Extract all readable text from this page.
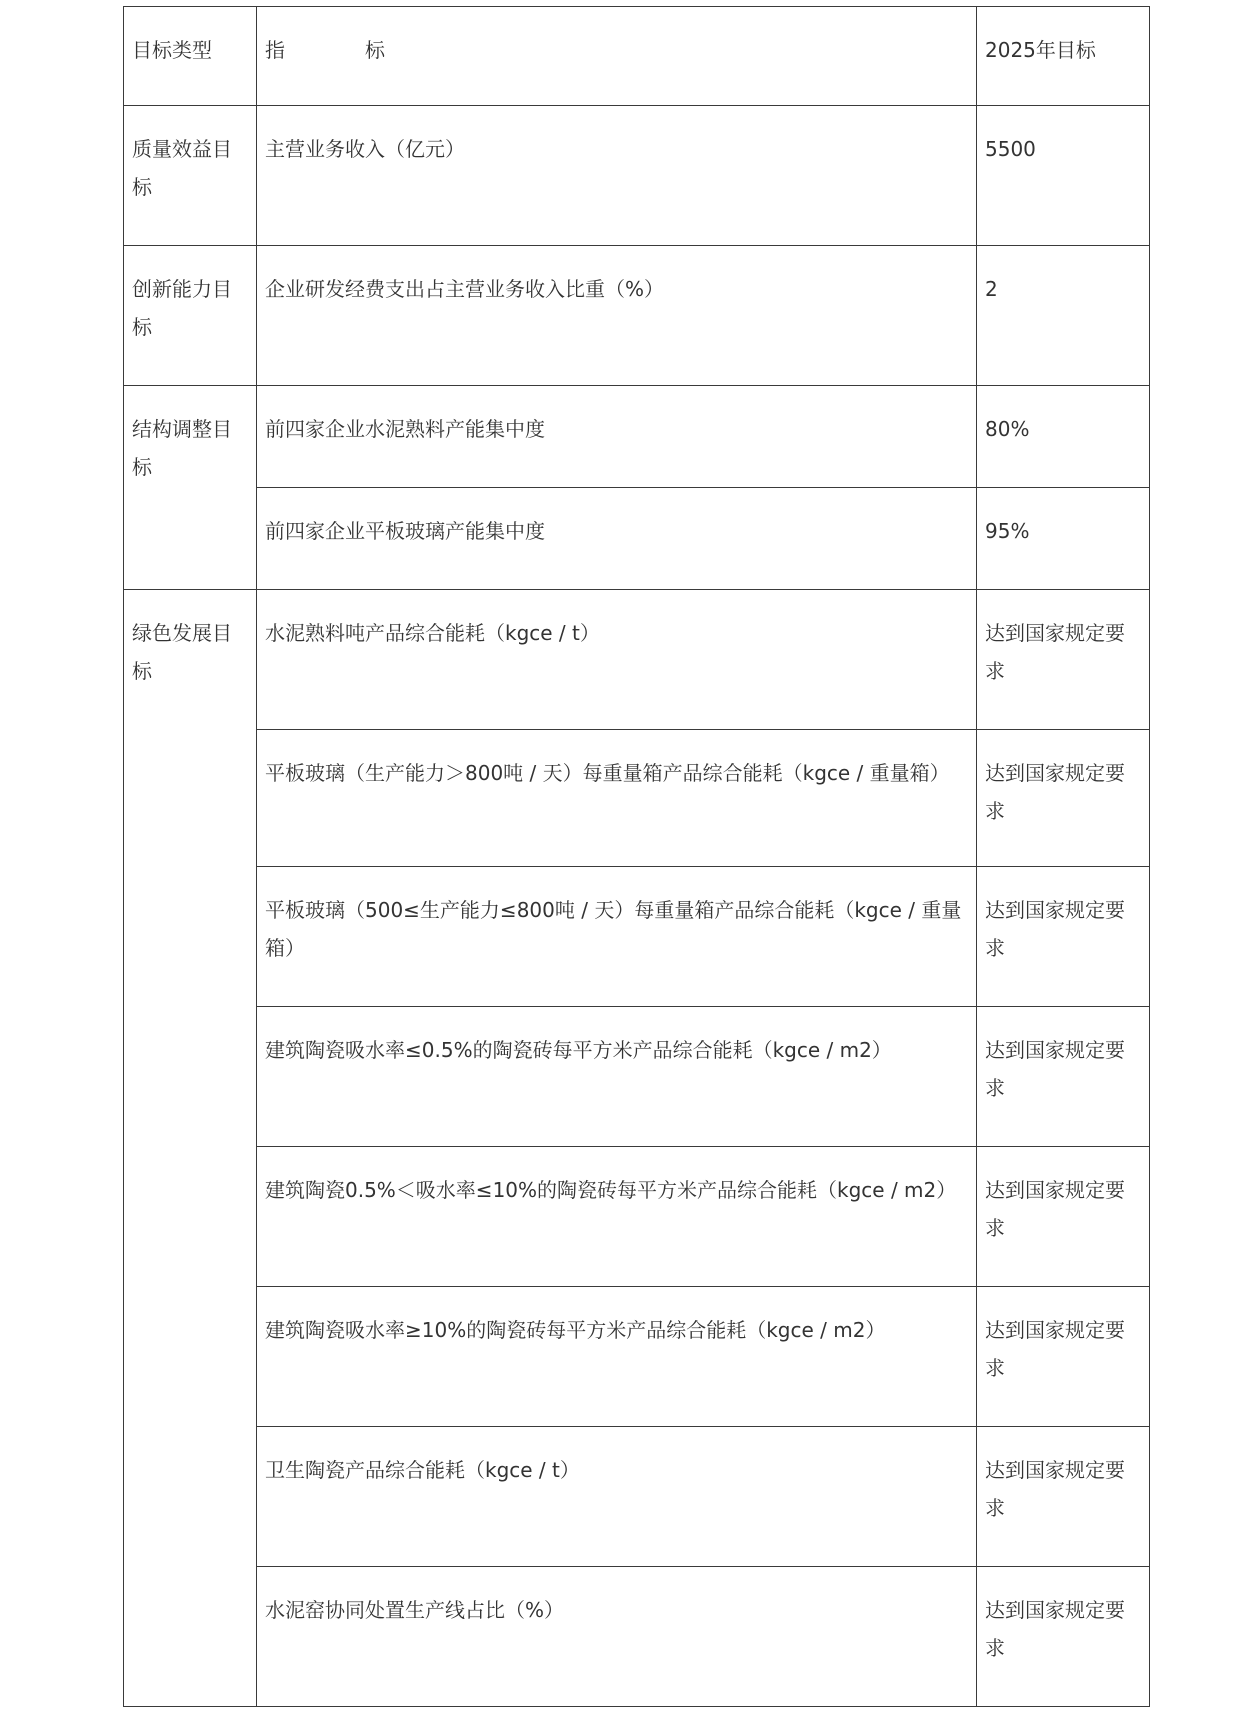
目标类型	指 标	2025年目标
质量效益目标	主营业务收入（亿元）	5500
创新能力目标	企业研发经费支出占主营业务收入比重（%）	2
结构调整目标	前四家企业水泥熟料产能集中度	80%
	前四家企业平板玻璃产能集中度	95%
绿色发展目标	水泥熟料吨产品综合能耗（kgce / t）	达到国家规定要求
	平板玻璃（生产能力＞800吨 / 天）每重量箱产品综合能耗（kgce / 重量箱）	达到国家规定要求
	平板玻璃（500≤生产能力≤800吨 / 天）每重量箱产品综合能耗（kgce / 重量箱）	达到国家规定要求
	建筑陶瓷吸水率≤0.5%的陶瓷砖每平方米产品综合能耗（kgce / m2）	达到国家规定要求
	建筑陶瓷0.5%＜吸水率≤10%的陶瓷砖每平方米产品综合能耗（kgce / m2）	达到国家规定要求
	建筑陶瓷吸水率≥10%的陶瓷砖每平方米产品综合能耗（kgce / m2）	达到国家规定要求
	卫生陶瓷产品综合能耗（kgce / t）	达到国家规定要求
	水泥窑协同处置生产线占比（%）	达到国家规定要求
